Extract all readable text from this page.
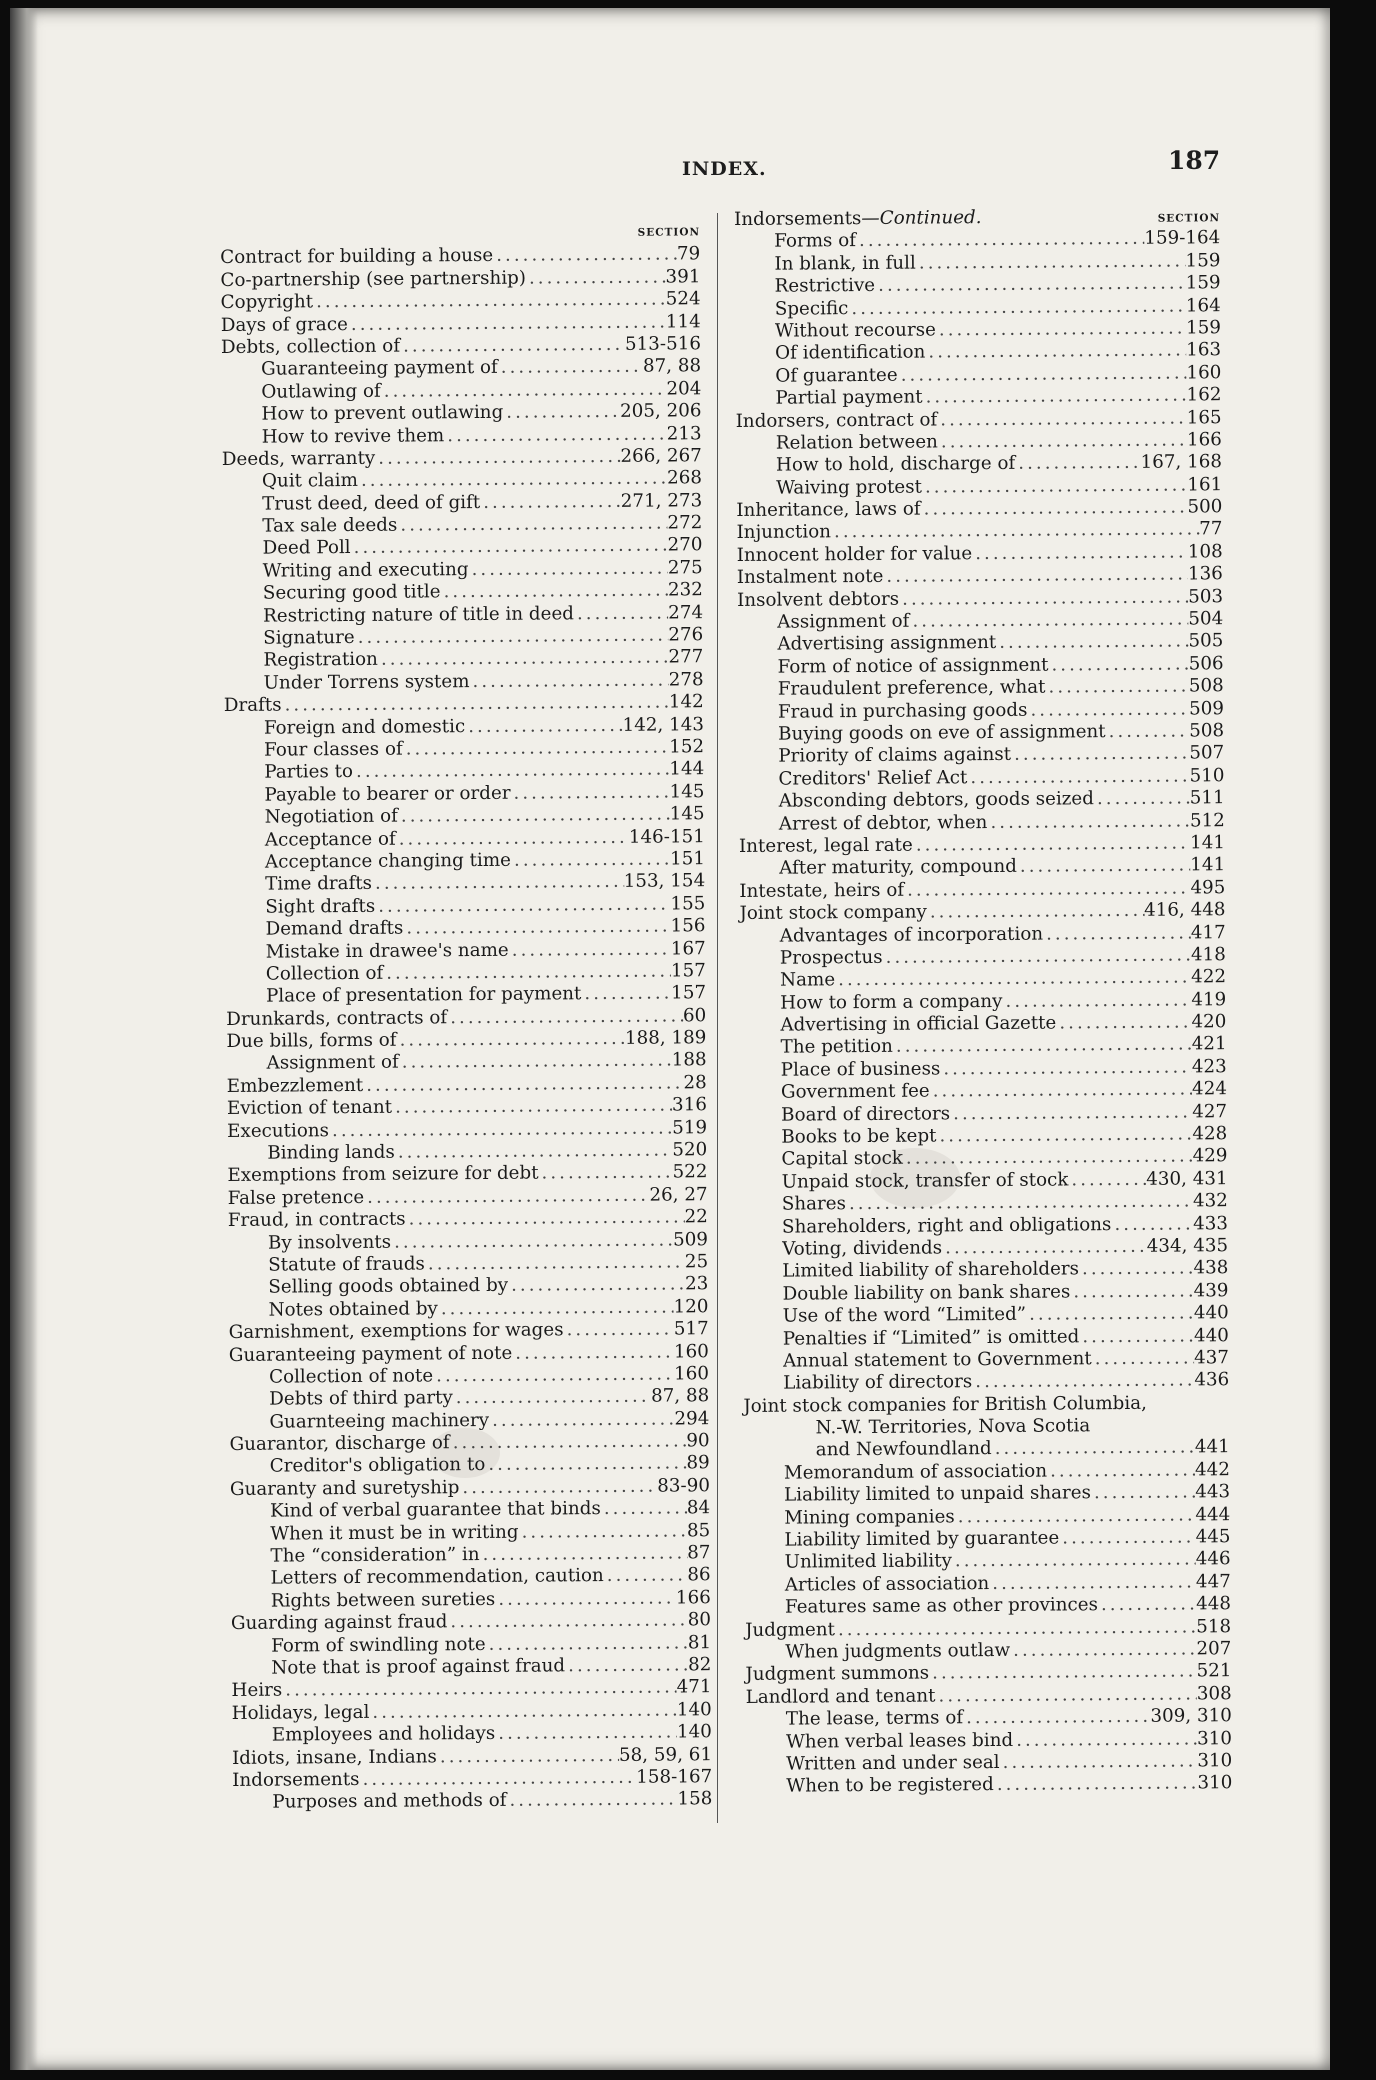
INDEX.	187
SECTION
Contract for building a house .....	79
Co-partnership (see partnership) .....	391
Copyright .....	524
Days of grace .....	114
Debts, collection of .....	513-516
Guaranteeing payment of .....	87, 88
Outlawing of .....	204
How to prevent outlawing .....	205, 206
How to revive them .....	213
Deeds, warranty .....	266, 267
Quit claim .....	268
Trust deed, deed of gift .....	271, 273
Tax sale deeds .....	272
Deed Poll .....	270
Writing and executing .....	275
Securing good title .....	232
Restricting nature of title in deed .....	274
Signature .....	276
Registration .....	277
Under Torrens system .....	278
Drafts .....	142
Foreign and domestic .....	142, 143
Four classes of .....	152
Parties to .....	144
Payable to bearer or order .....	145
Negotiation of .....	145
Acceptance of .....	146-151
Acceptance changing time .....	151
Time drafts .....	153, 154
Sight drafts .....	155
Demand drafts .....	156
Mistake in drawee's name .....	167
Collection of .....	157
Place of presentation for payment .....	157
Drunkards, contracts of .....	60
Due bills, forms of .....	188, 189
Assignment of .....	188
Embezzlement .....	28
Eviction of tenant .....	316
Executions .....	519
Binding lands .....	520
Exemptions from seizure for debt .....	522
False pretence .....	26, 27
Fraud, in contracts .....	22
By insolvents .....	509
Statute of frauds .....	25
Selling goods obtained by .....	23
Notes obtained by .....	120
Garnishment, exemptions for wages .....	517
Guaranteeing payment of note .....	160
Collection of note .....	160
Debts of third party .....	87, 88
Guarnteeing machinery .....	294
Guarantor, discharge of .....	90
Creditor's obligation to .....	89
Guaranty and suretyship .....	83-90
Kind of verbal guarantee that binds .....	84
When it must be in writing .....	85
The “consideration” in .....	87
Letters of recommendation, caution .....	86
Rights between sureties .....	166
Guarding against fraud .....	80
Form of swindling note .....	81
Note that is proof against fraud .....	82
Heirs .....	471
Holidays, legal .....	140
Employees and holidays .....	140
Idiots, insane, Indians .....	58, 59, 61
Indorsements .....	158-167
Purposes and methods of .....	158
Indorsements—Continued.	SECTION
Forms of .....	159-164
In blank, in full .....	159
Restrictive .....	159
Specific .....	164
Without recourse .....	159
Of identification .....	163
Of guarantee .....	160
Partial payment .....	162
Indorsers, contract of .....	165
Relation between .....	166
How to hold, discharge of .....	167, 168
Waiving protest .....	161
Inheritance, laws of .....	500
Injunction .....	77
Innocent holder for value .....	108
Instalment note .....	136
Insolvent debtors .....	503
Assignment of .....	504
Advertising assignment .....	505
Form of notice of assignment .....	506
Fraudulent preference, what .....	508
Fraud in purchasing goods .....	509
Buying goods on eve of assignment .....	508
Priority of claims against .....	507
Creditors' Relief Act .....	510
Absconding debtors, goods seized .....	511
Arrest of debtor, when .....	512
Interest, legal rate .....	141
After maturity, compound .....	141
Intestate, heirs of .....	495
Joint stock company .....	416, 448
Advantages of incorporation .....	417
Prospectus .....	418
Name .....	422
How to form a company .....	419
Advertising in official Gazette .....	420
The petition .....	421
Place of business .....	423
Government fee .....	424
Board of directors .....	427
Books to be kept .....	428
Capital stock .....	429
Unpaid stock, transfer of stock .....	430, 431
Shares .....	432
Shareholders, right and obligations .....	433
Voting, dividends .....	434, 435
Limited liability of shareholders .....	438
Double liability on bank shares .....	439
Use of the word “Limited” .....	440
Penalties if “Limited” is omitted .....	440
Annual statement to Government .....	437
Liability of directors .....	436
Joint stock companies for British Columbia,
N.-W. Territories, Nova Scotia
and Newfoundland .....	441
Memorandum of association .....	442
Liability limited to unpaid shares .....	443
Mining companies .....	444
Liability limited by guarantee .....	445
Unlimited liability .....	446
Articles of association .....	447
Features same as other provinces .....	448
Judgment .....	518
When judgments outlaw .....	207
Judgment summons .....	521
Landlord and tenant .....	308
The lease, terms of .....	309, 310
When verbal leases bind .....	310
Written and under seal .....	310
When to be registered .....	310
